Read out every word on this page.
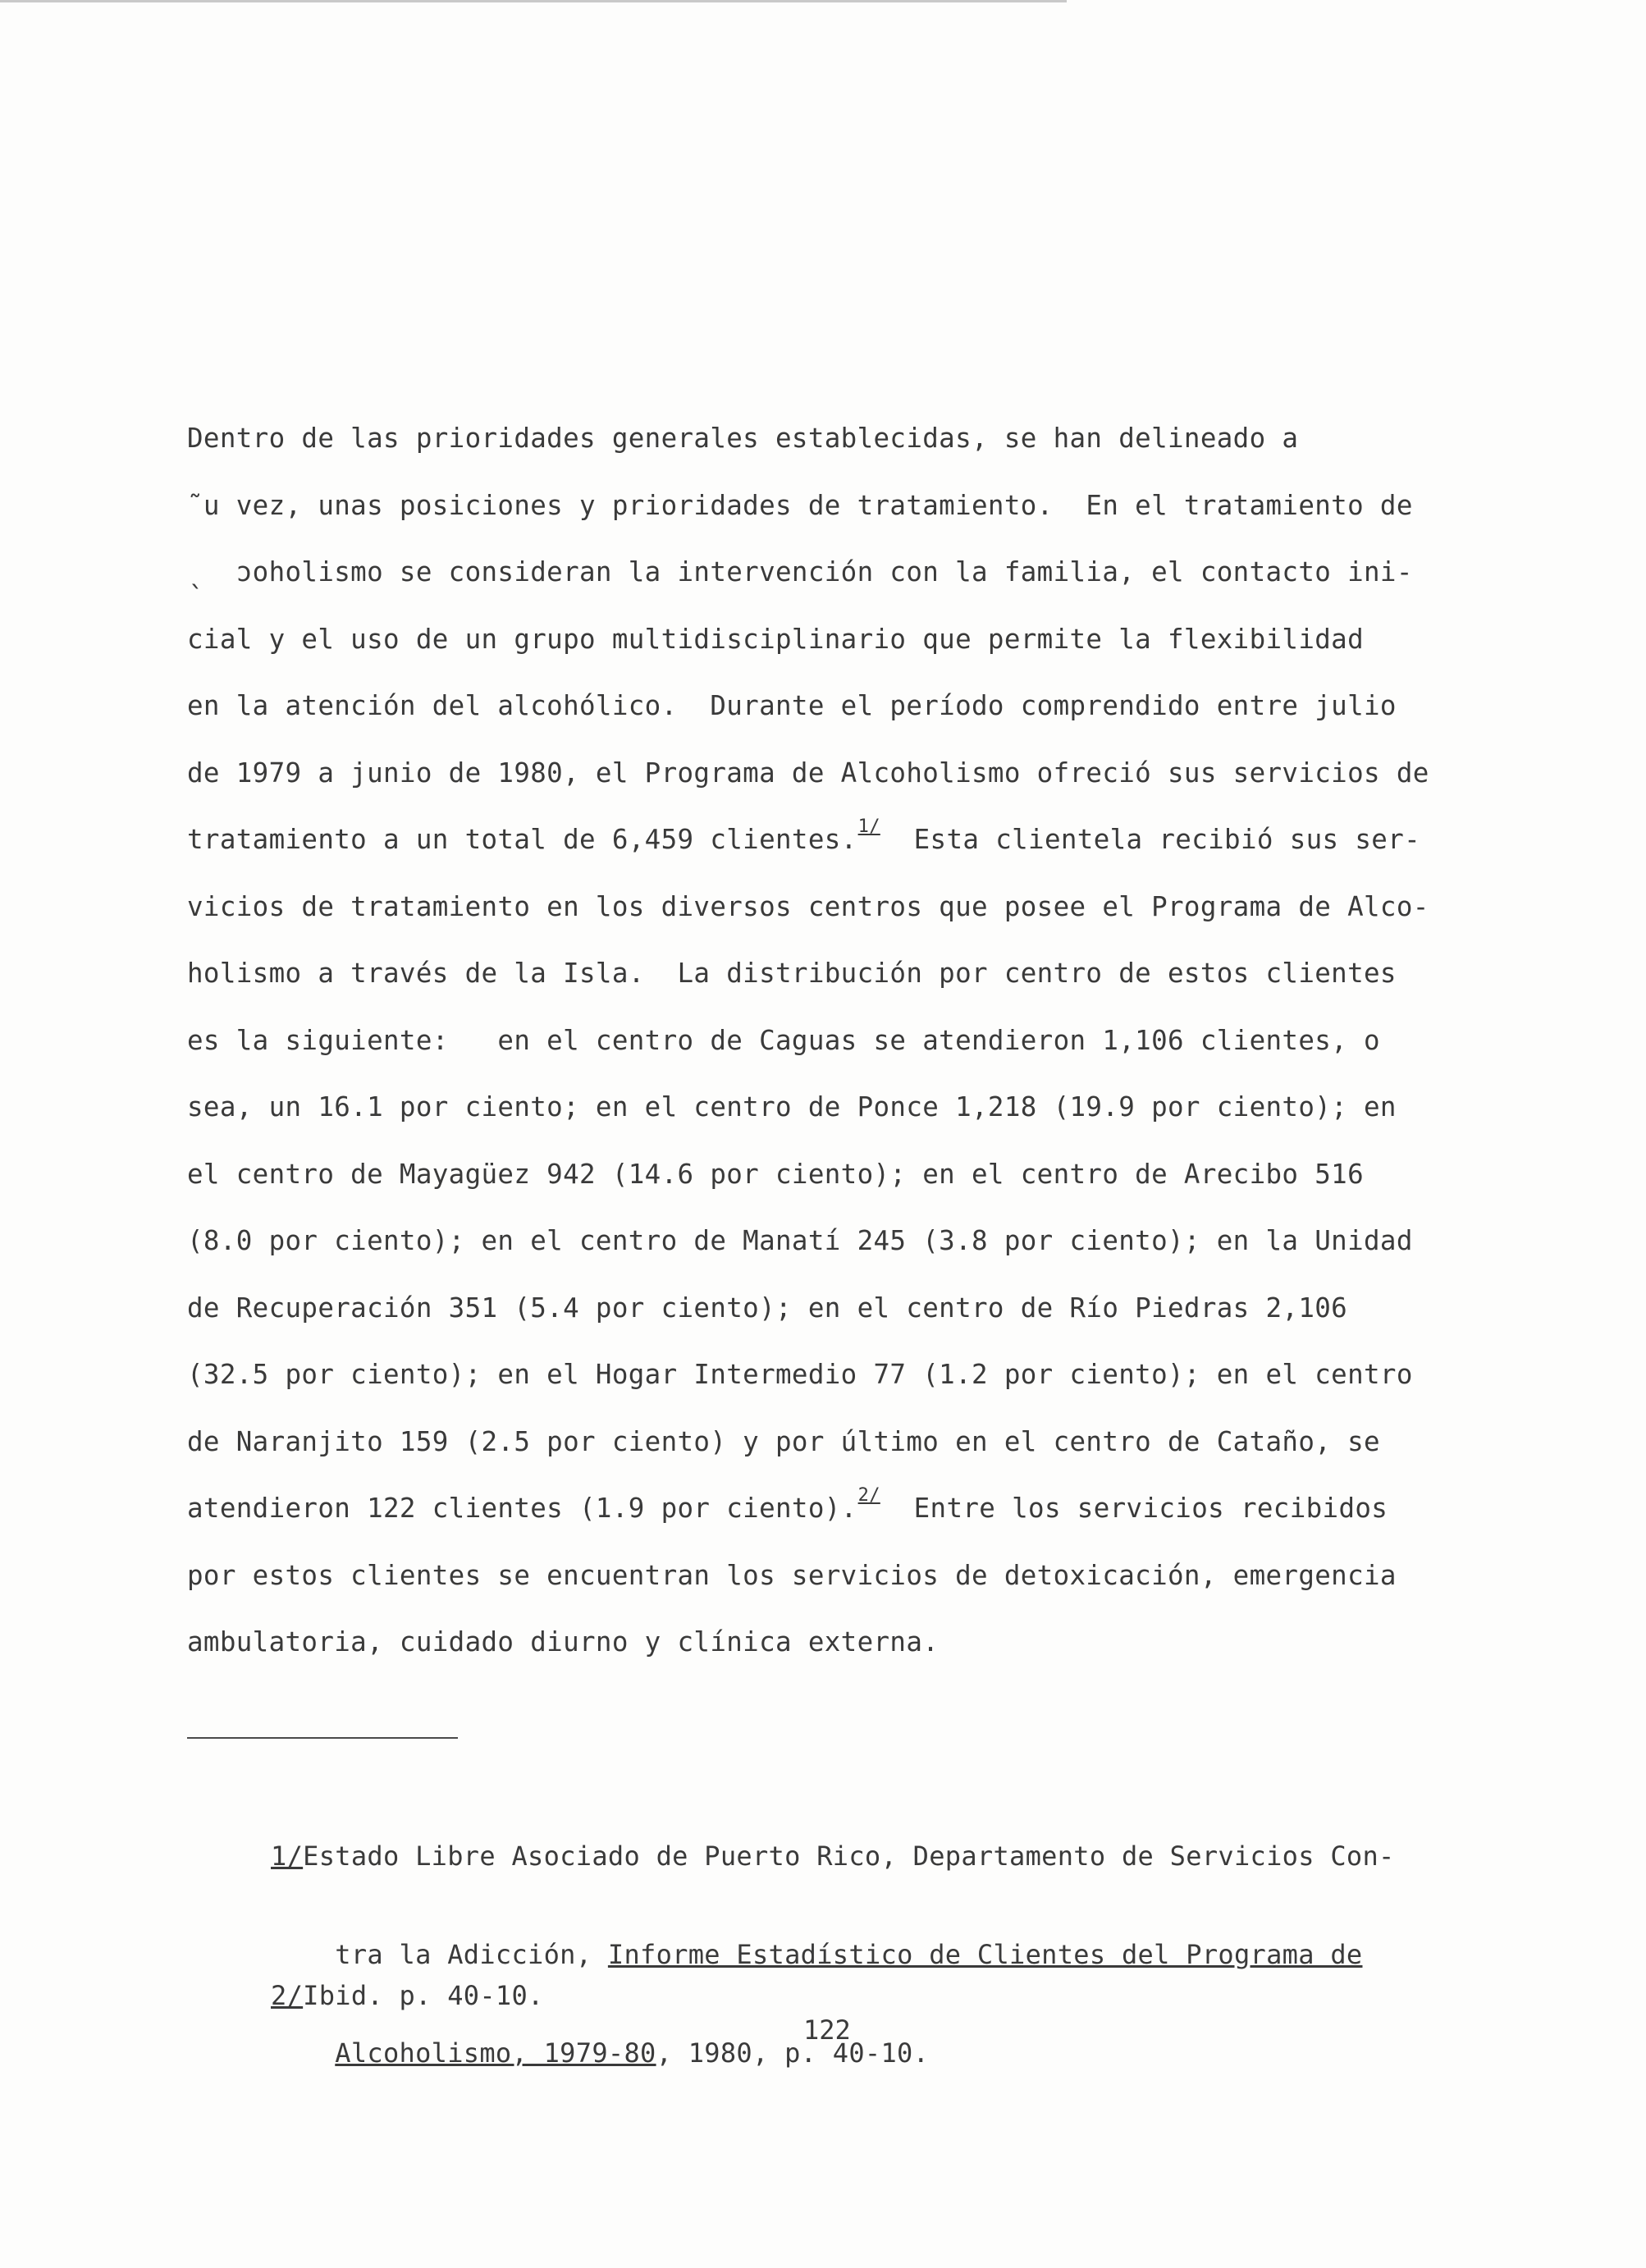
Dentro de las prioridades generales establecidas, se han delineado a
˜u vez, unas posiciones y prioridades de tratamiento.  En el tratamiento de
ˎ  ɔoholismo se consideran la intervención con la familia, el contacto ini-
cial y el uso de un grupo multidisciplinario que permite la flexibilidad
en la atención del alcohólico.  Durante el período comprendido entre julio
de 1979 a junio de 1980, el Programa de Alcoholismo ofreció sus servicios de
tratamiento a un total de 6,459 clientes.$^{1/}$  Esta clientela recibió sus ser-
vicios de tratamiento en los diversos centros que posee el Programa de Alco-
holismo a través de la Isla.  La distribución por centro de estos clientes
es la siguiente:   en el centro de Caguas se atendieron 1,106 clientes, o
sea, un 16.1 por ciento; en el centro de Ponce 1,218 (19.9 por ciento); en
el centro de Mayagüez 942 (14.6 por ciento); en el centro de Arecibo 516
(8.0 por ciento); en el centro de Manatí 245 (3.8 por ciento); en la Unidad
de Recuperación 351 (5.4 por ciento); en el centro de Río Piedras 2,106
(32.5 por ciento); en el Hogar Intermedio 77 (1.2 por ciento); en el centro
de Naranjito 159 (2.5 por ciento) y por último en el centro de Cataño, se
atendieron 122 clientes (1.9 por ciento).$^{2/}$  Entre los servicios recibidos
por estos clientes se encuentran los servicios de detoxicación, emergencia
ambulatoria, cuidado diurno y clínica externa.

1/Estado Libre Asociado de Puerto Rico, Departamento de Servicios Con-

tra la Adicción, Informe Estadístico de Clientes del Programa de

Alcoholismo, 1979-80, 1980, p. 40-10.

2/Ibid. p. 40-10.

122
